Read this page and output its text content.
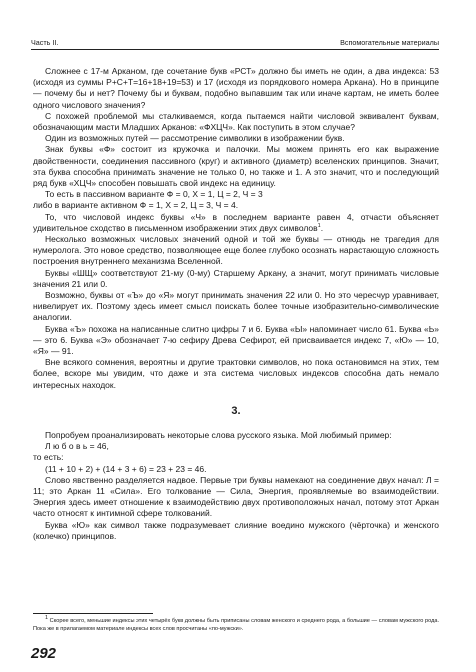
Часть II.	Вспомогательные материалы

Сложнее с 17-м Арканом, где сочетание букв «РСТ» должно бы иметь не один, а два индекса: 53 (исходя из суммы Р+С+Т=16+18+19=53) и 17 (исходя из порядкового номера Аркана). Но в принципе — почему бы и нет? Почему бы и буквам, подобно выпавшим так или иначе картам, не иметь более одного числового значения?

С похожей проблемой мы сталкиваемся, когда пытаемся найти числовой эквивалент буквам, обозначающим масти Младших Арканов: «ФХЦЧ». Как поступить в этом случае?

Один из возможных путей — рассмотрение символики в изображении букв.

Знак буквы «Ф» состоит из кружочка и палочки. Мы можем принять его как выражение двойственности, соединения пассивного (круг) и активного (диаметр) вселенских принципов. Значит, эта буква способна принимать значение не только 0, но также и 1. А это значит, что и последующий ряд букв «ХЦЧ» способен повышать свой индекс на единицу.

То есть в пассивном варианте Ф = 0, Х = 1, Ц = 2, Ч = 3

либо в варианте активном Ф = 1, Х = 2, Ц = 3, Ч = 4.

То, что числовой индекс буквы «Ч» в последнем варианте равен 4, отчасти объясняет удивительное сходство в письменном изображении этих двух символов$^1$.

Несколько возможных числовых значений одной и той же буквы — отнюдь не трагедия для нумеролога. Это новое средство, позволяющее еще более глубоко осознать нарастающую сложность построения внутреннего механизма Вселенной.

Буквы «ШЩ» соответствуют 21-му (0-му) Старшему Аркану, а значит, могут принимать числовые значения 21 или 0.

Возможно, буквы от «Ъ» до «Я» могут принимать значения 22 или 0. Но это чересчур уравнивает, нивелирует их. Поэтому здесь имеет смысл поискать более точные изобразительно-символические аналогии.

Буква «Ъ» похожа на написанные слитно цифры 7 и 6. Буква «Ы» напоминает число 61. Буква «Ь» — это 6. Буква «Э» обозначает 7-ю сефиру Древа Сефирот, ей присваивается индекс 7, «Ю» — 10, «Я» — 91.

Вне всякого сомнения, вероятны и другие трактовки символов, но пока остановимся на этих, тем более, вскоре мы увидим, что даже и эта система числовых индексов способна дать немало интересных находок.

3.

Попробуем проанализировать некоторые слова русского языка. Мой любимый пример:

Л ю б о в ь = 46,

то есть:

(11 + 10 + 2) + (14 + 3 + 6) = 23 + 23 = 46.

Слово явственно разделяется надвое. Первые три буквы намекают на соединение двух начал: Л = 11; это Аркан 11 «Сила». Его толкование — Сила, Энергия, проявляемые во взаимодействии. Энергия здесь имеет отношение к взаимодействию двух противоположных начал, потому этот Аркан часто относят к интимной сфере толкований.

Буква «Ю» как символ также подразумевает слияние воедино мужского (чёрточка) и женского (колечко) принципов.

$^1$ Скорее всего, меньшие индексы этих четырёх букв должны быть приписаны словам женского и среднего рода, а большие — словам мужского рода. Пока же в прилагаемом материале индексы всех слов просчитаны «по-мужски».
292
